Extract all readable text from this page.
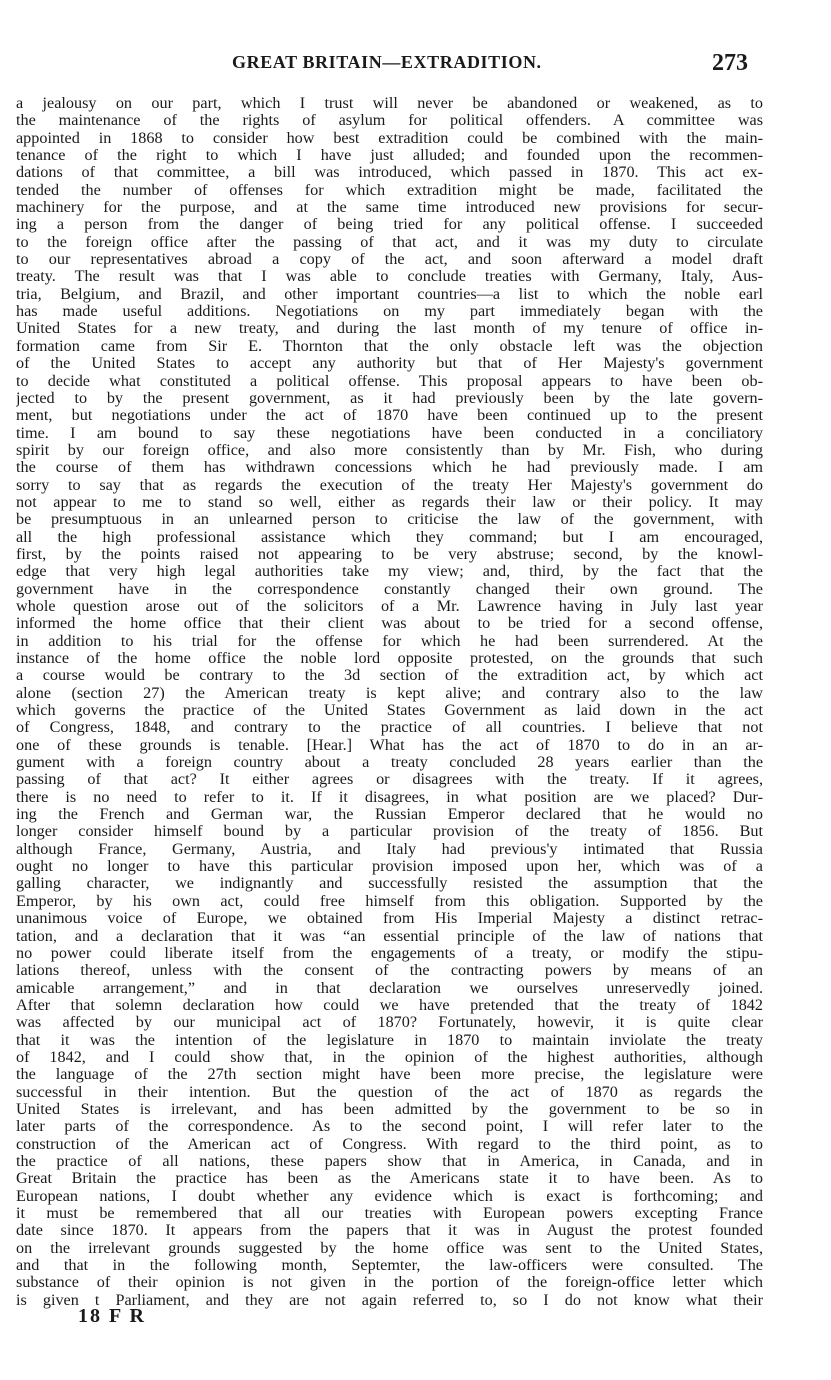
GREAT BRITAIN—EXTRADITION.	273
a jealousy on our part, which I trust will never be abandoned or weakened, as to
the maintenance of the rights of asylum for political offenders. A committee was
appointed in 1868 to consider how best extradition could be combined with the main-
tenance of the right to which I have just alluded; and founded upon the recommen-
dations of that committee, a bill was introduced, which passed in 1870. This act ex-
tended the number of offenses for which extradition might be made, facilitated the
machinery for the purpose, and at the same time introduced new provisions for secur-
ing a person from the danger of being tried for any political offense. I succeeded
to the foreign office after the passing of that act, and it was my duty to circulate
to our representatives abroad a copy of the act, and soon afterward a model draft
treaty. The result was that I was able to conclude treaties with Germany, Italy, Aus-
tria, Belgium, and Brazil, and other important countries—a list to which the noble earl
has made useful additions. Negotiations on my part immediately began with the
United States for a new treaty, and during the last month of my tenure of office in-
formation came from Sir E. Thornton that the only obstacle left was the objection
of the United States to accept any authority but that of Her Majesty's government
to decide what constituted a political offense. This proposal appears to have been ob-
jected to by the present government, as it had previously been by the late govern-
ment, but negotiations under the act of 1870 have been continued up to the present
time. I am bound to say these negotiations have been conducted in a conciliatory
spirit by our foreign office, and also more consistently than by Mr. Fish, who during
the course of them has withdrawn concessions which he had previously made. I am
sorry to say that as regards the execution of the treaty Her Majesty's government do
not appear to me to stand so well, either as regards their law or their policy. It may
be presumptuous in an unlearned person to criticise the law of the government, with
all the high professional assistance which they command; but I am encouraged,
first, by the points raised not appearing to be very abstruse; second, by the knowl-
edge that very high legal authorities take my view; and, third, by the fact that the
government have in the correspondence constantly changed their own ground. The
whole question arose out of the solicitors of a Mr. Lawrence having in July last year
informed the home office that their client was about to be tried for a second offense,
in addition to his trial for the offense for which he had been surrendered. At the
instance of the home office the noble lord opposite protested, on the grounds that such
a course would be contrary to the 3d section of the extradition act, by which act
alone (section 27) the American treaty is kept alive; and contrary also to the law
which governs the practice of the United States Government as laid down in the act
of Congress, 1848, and contrary to the practice of all countries. I believe that not
one of these grounds is tenable. [Hear.] What has the act of 1870 to do in an ar-
gument with a foreign country about a treaty concluded 28 years earlier than the
passing of that act? It either agrees or disagrees with the treaty. If it agrees,
there is no need to refer to it. If it disagrees, in what position are we placed? Dur-
ing the French and German war, the Russian Emperor declared that he would no
longer consider himself bound by a particular provision of the treaty of 1856. But
although France, Germany, Austria, and Italy had previous'y intimated that Russia
ought no longer to have this particular provision imposed upon her, which was of a
galling character, we indignantly and successfully resisted the assumption that the
Emperor, by his own act, could free himself from this obligation. Supported by the
unanimous voice of Europe, we obtained from His Imperial Majesty a distinct retrac-
tation, and a declaration that it was “an essential principle of the law of nations that
no power could liberate itself from the engagements of a treaty, or modify the stipu-
lations thereof, unless with the consent of the contracting powers by means of an
amicable arrangement,” and in that declaration we ourselves unreservedly joined.
After that solemn declaration how could we have pretended that the treaty of 1842
was affected by our municipal act of 1870? Fortunately, howevir, it is quite clear
that it was the intention of the legislature in 1870 to maintain inviolate the treaty
of 1842, and I could show that, in the opinion of the highest authorities, although
the language of the 27th section might have been more precise, the legislature were
successful in their intention. But the question of the act of 1870 as regards the
United States is irrelevant, and has been admitted by the government to be so in
later parts of the correspondence. As to the second point, I will refer later to the
construction of the American act of Congress. With regard to the third point, as to
the practice of all nations, these papers show that in America, in Canada, and in
Great Britain the practice has been as the Americans state it to have been. As to
European nations, I doubt whether any evidence which is exact is forthcoming; and
it must be remembered that all our treaties with European powers excepting France
date since 1870. It appears from the papers that it was in August the protest founded
on the irrelevant grounds suggested by the home office was sent to the United States,
and that in the following month, Septemter, the law-officers were consulted. The
substance of their opinion is not given in the portion of the foreign-office letter which
is given t Parliament, and they are not again referred to, so I do not know what their
18 F R
